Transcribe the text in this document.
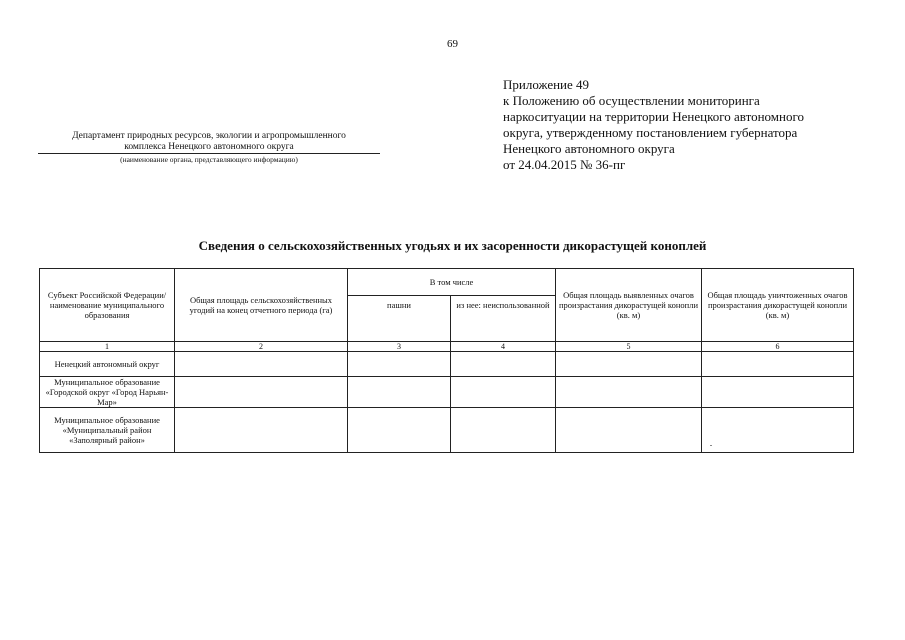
69
Приложение 49
к Положению об осуществлении мониторинга
наркоситуации на территории Ненецкого автономного
округа, утвержденному постановлением губернатора
Ненецкого автономного округа
от 24.04.2015 № 36-пг
Департамент природных ресурсов, экологии и агропромышленного
комплекса Ненецкого автономного округа
(наименование органа, представляющего информацию)
Сведения о сельскохозяйственных угодьях и их засоренности дикорастущей коноплей
Субъект Российской Федерации/ наименование муниципального образования	Общая площадь сельскохозяйственных угодий на конец отчетного периода (га)	В том числе		Общая площадь выявленных очагов произрастания дикорастущей конопли (кв. м)	Общая площадь уничтоженных очагов произрастания дикорастущей конопли (кв. м)
		пашни	из нее: неиспользованной		
1	2	3	4	5	6
Ненецкий автономный округ					
Муниципальное образование «Городской округ «Город Нарьян-Мар»					
Муниципальное образование «Муниципальный район «Заполярный район»					
